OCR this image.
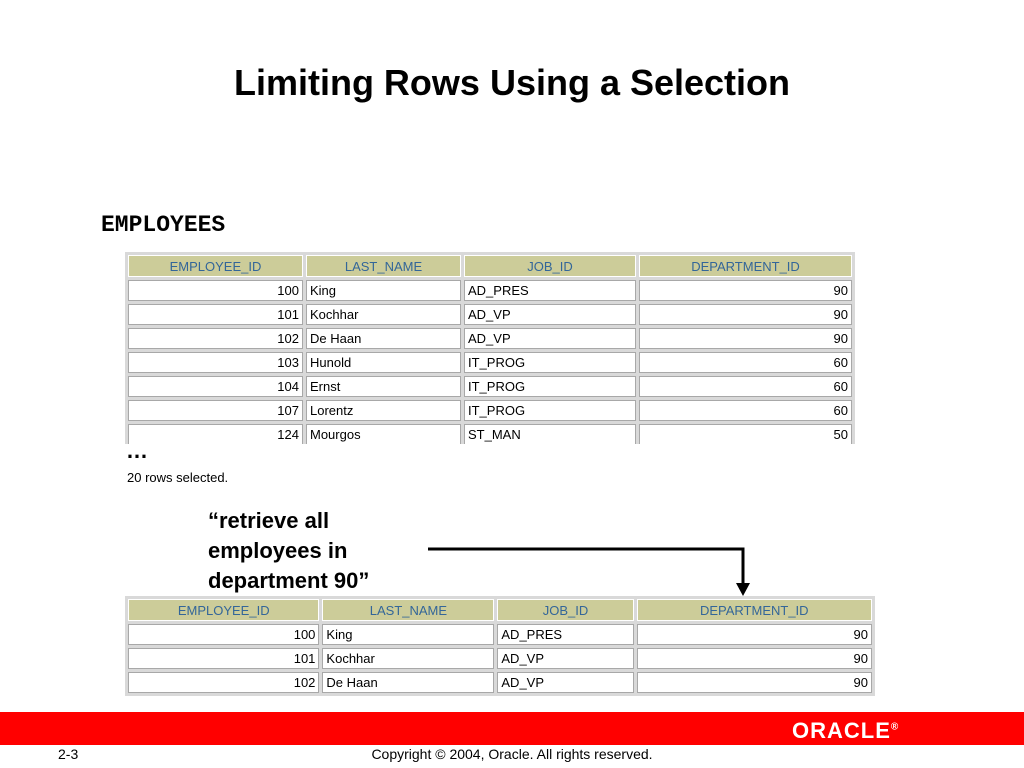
Limiting Rows Using a Selection
EMPLOYEES
EMPLOYEE_ID	LAST_NAME	JOB_ID	DEPARTMENT_ID
100	King	AD_PRES	90
101	Kochhar	AD_VP	90
102	De Haan	AD_VP	90
103	Hunold	IT_PROG	60
104	Ernst	IT_PROG	60
107	Lorentz	IT_PROG	60
124	Mourgos	ST_MAN	50

…
20 rows selected.
“retrieve all
employees in
department 90”
EMPLOYEE_ID	LAST_NAME	JOB_ID	DEPARTMENT_ID
100	King	AD_PRES	90
101	Kochhar	AD_VP	90
102	De Haan	AD_VP	90
ORACLE®
2-3	Copyright © 2004, Oracle. All rights reserved.
